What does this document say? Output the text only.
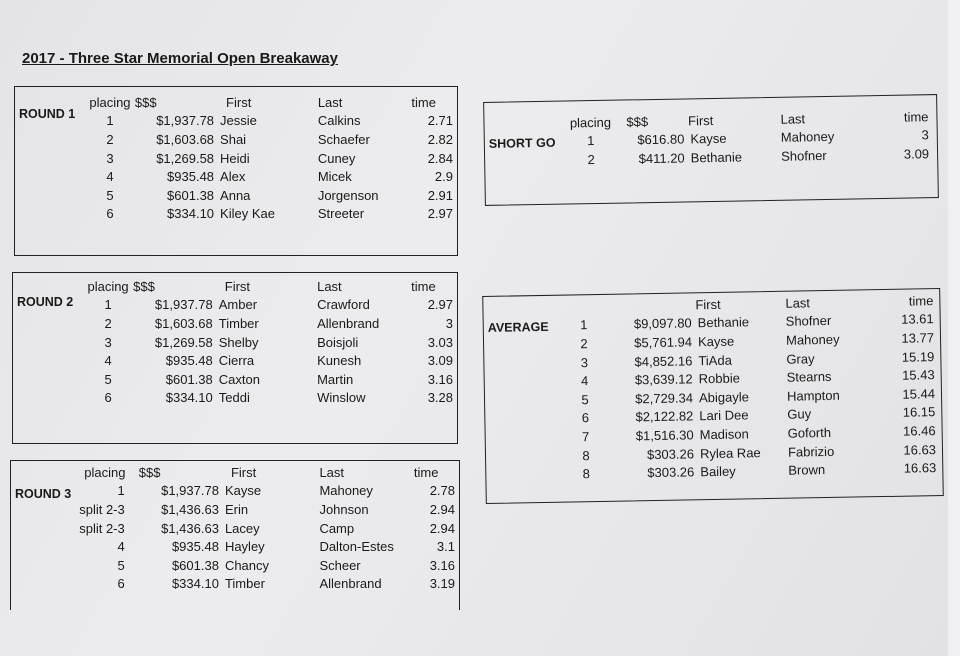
2017 - Three Star Memorial Open Breakaway
ROUND 1
placing	$$$	First	Last	time
1	$1,937.78	Jessie	Calkins	2.71
2	$1,603.68	Shai	Schaefer	2.82
3	$1,269.58	Heidi	Cuney	2.84
4	$935.48	Alex	Micek	2.9
5	$601.38	Anna	Jorgenson	2.91
6	$334.10	Kiley Kae	Streeter	2.97
ROUND 2
placing	$$$	First	Last	time
1	$1,937.78	Amber	Crawford	2.97
2	$1,603.68	Timber	Allenbrand	3
3	$1,269.58	Shelby	Boisjoli	3.03
4	$935.48	Cierra	Kunesh	3.09
5	$601.38	Caxton	Martin	3.16
6	$334.10	Teddi	Winslow	3.28
ROUND 3
placing	$$$	First	Last	time
1	$1,937.78	Kayse	Mahoney	2.78
split 2-3	$1,436.63	Erin	Johnson	2.94
split 2-3	$1,436.63	Lacey	Camp	2.94
4	$935.48	Hayley	Dalton-Estes	3.1
5	$601.38	Chancy	Scheer	3.16
6	$334.10	Timber	Allenbrand	3.19
SHORT GO
placing	$$$	First	Last	time
1	$616.80	Kayse	Mahoney	3
2	$411.20	Bethanie	Shofner	3.09
AVERAGE
		First	Last	time
1	$9,097.80	Bethanie	Shofner	13.61
2	$5,761.94	Kayse	Mahoney	13.77
3	$4,852.16	TiAda	Gray	15.19
4	$3,639.12	Robbie	Stearns	15.43
5	$2,729.34	Abigayle	Hampton	15.44
6	$2,122.82	Lari Dee	Guy	16.15
7	$1,516.30	Madison	Goforth	16.46
8	$303.26	Rylea Rae	Fabrizio	16.63
8	$303.26	Bailey	Brown	16.63
